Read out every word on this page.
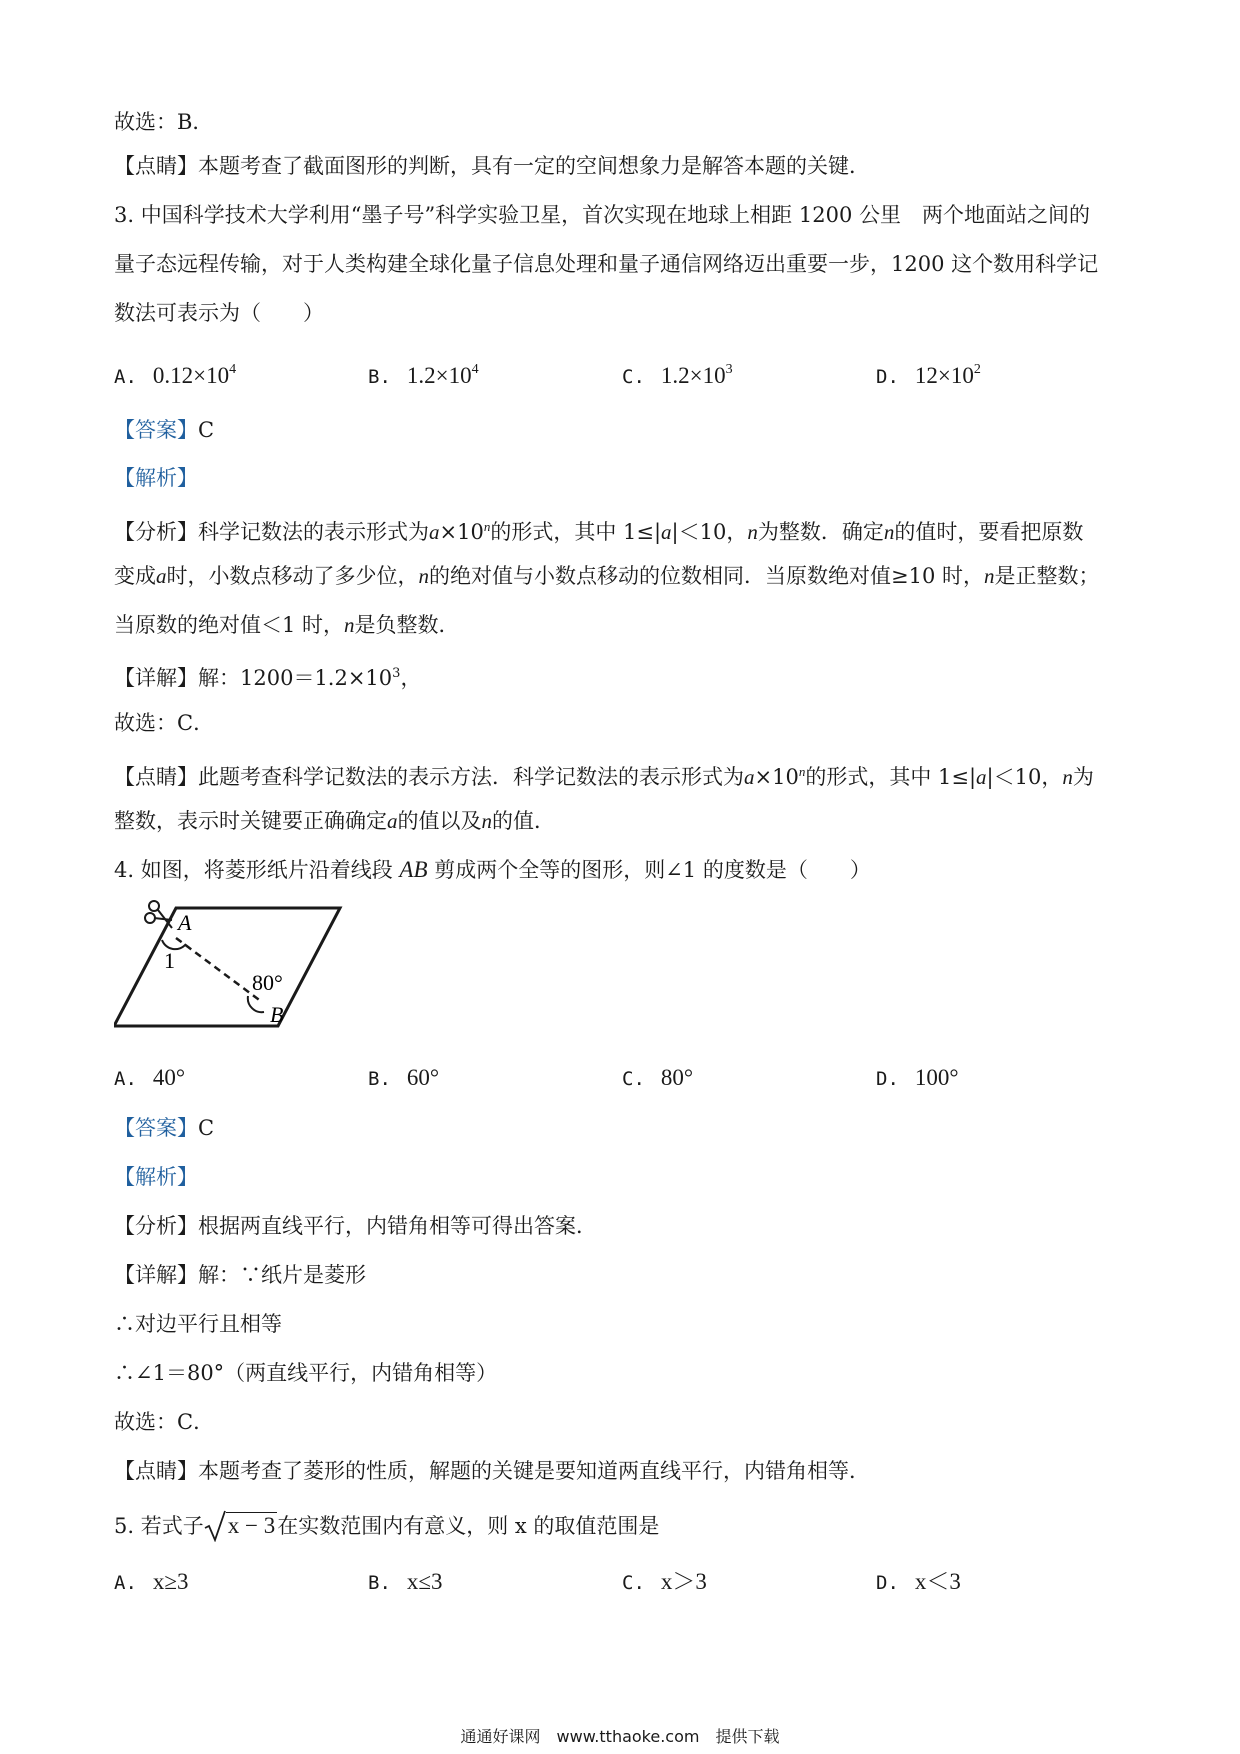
故选：B．
【点睛】本题考查了截面图形的判断，具有一定的空间想象力是解答本题的关键．
3. 中国科学技术大学利用“墨子号”科学实验卫星，首次实现在地球上相距 1200 公里　两个地面站之间的
量子态远程传输，对于人类构建全球化量子信息处理和量子通信网络迈出重要一步，1200 这个数用科学记
数法可表示为（　　）
A. $0.12\times 10^4$	B. $1.2\times 10^4$	C. $1.2\times 10^3$	D. $12\times 10^2$
【答案】C
【解析】
【分析】科学记数法的表示形式为$a\times 10^n$的形式，其中 1≤|a|＜10，n为整数．确定n的值时，要看把原数
变成a时，小数点移动了多少位，n的绝对值与小数点移动的位数相同．当原数绝对值≥10 时，n是正整数；
当原数的绝对值＜1 时，n是负整数．
【详解】解：$1200=1.2\times 10^3$，
故选：C．
【点睛】此题考查科学记数法的表示方法．科学记数法的表示形式为$a\times 10^n$的形式，其中 1≤|a|＜10，n为
整数，表示时关键要正确确定a的值以及n的值．
4. 如图，将菱形纸片沿着线段 AB 剪成两个全等的图形，则∠1 的度数是（　　）
A
1
80°
B
A. 40°	B. 60°	C. 80°	D. 100°
【答案】C
【解析】
【分析】根据两直线平行，内错角相等可得出答案．
【详解】解：∵纸片是菱形
∴对边平行且相等
∴∠1＝80°（两直线平行，内错角相等）
故选：C．
【点睛】本题考查了菱形的性质，解题的关键是要知道两直线平行，内错角相等．
5. 若式子 x − 3在实数范围内有意义，则 x 的取值范围是
A. x≥3	B. x≤3	C. x＞3	D. x＜3
通通好课网　www.tthaoke.com　提供下载
